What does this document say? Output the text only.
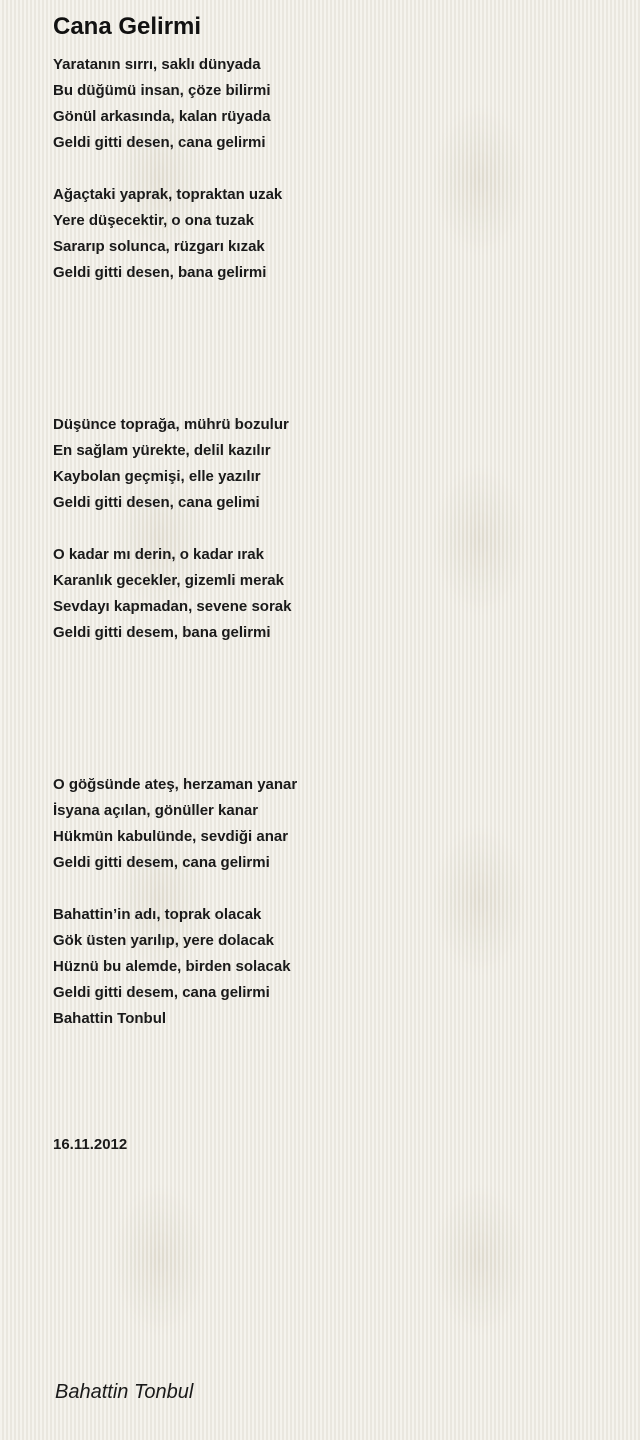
Cana Gelirmi
Yaratanın sırrı, saklı dünyada
Bu düğümü insan, çöze bilirmi
Gönül arkasında, kalan rüyada
Geldi gitti desen, cana gelirmi
Ağaçtaki yaprak, topraktan uzak
Yere düşecektir, o ona tuzak
Sararıp solunca, rüzgarı kızak
Geldi gitti desen, bana gelirmi
Düşünce toprağa, mührü bozulur
En sağlam yürekte, delil kazılır
Kaybolan geçmişi, elle yazılır
Geldi gitti desen, cana gelimi
O kadar mı derin, o kadar ırak
Karanlık gecekler, gizemli merak
Sevdayı kapmadan, sevene sorak
Geldi gitti desem, bana gelirmi
O göğsünde ateş, herzaman yanar
İsyana açılan, gönüller kanar
Hükmün kabulünde, sevdiği anar
Geldi gitti desem, cana gelirmi
Bahattin’in adı, toprak olacak
Gök üsten yarılıp, yere dolacak
Hüznü bu alemde, birden solacak
Geldi gitti desem, cana gelirmi
Bahattin Tonbul
16.11.2012
Bahattin Tonbul
